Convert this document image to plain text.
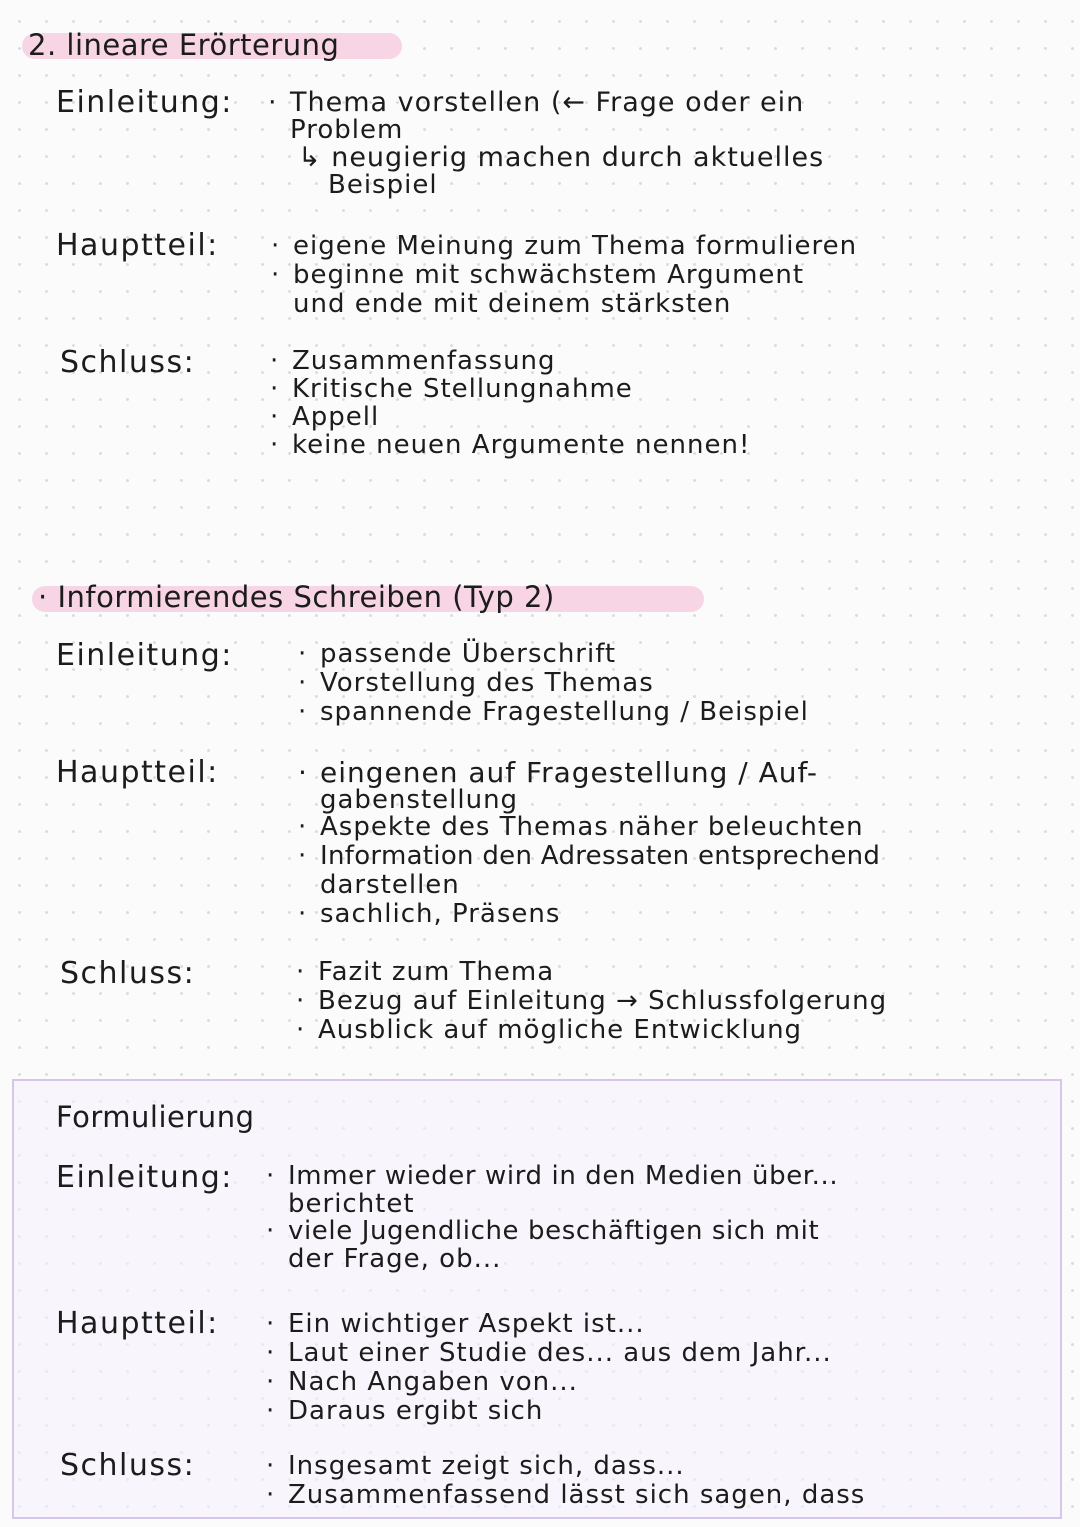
2. lineare Erörterung
Einleitung: · Thema vorstellen (← Frage oder ein
Problem
↳ neugierig machen durch aktuelles
Beispiel
Hauptteil:	· eigene Meinung zum Thema formulieren
· beginne mit schwächstem Argument
und ende mit deinem stärksten
Schluss:	· Zusammenfassung
· Kritische Stellungnahme
· Appell
· keine neuen Argumente nennen!
· Informierendes Schreiben (Typ 2)
Einleitung:	· passende Überschrift
· Vorstellung des Themas
· spannende Fragestellung / Beispiel
Hauptteil:	· eingenen auf Fragestellung / Auf-
gabenstellung
· Aspekte des Themas näher beleuchten
· Information den Adressaten entsprechend
darstellen
· sachlich, Präsens
Schluss:	· Fazit zum Thema
· Bezug auf Einleitung → Schlussfolgerung
· Ausblick auf mögliche Entwicklung
Formulierung
Einleitung: · Immer wieder wird in den Medien über...
berichtet
· viele Jugendliche beschäftigen sich mit
der Frage, ob...
Hauptteil:	· Ein wichtiger Aspekt ist...
· Laut einer Studie des... aus dem Jahr...
· Nach Angaben von...
· Daraus ergibt sich
Schluss:	· Insgesamt zeigt sich, dass...
· Zusammenfassend lässt sich sagen, dass
